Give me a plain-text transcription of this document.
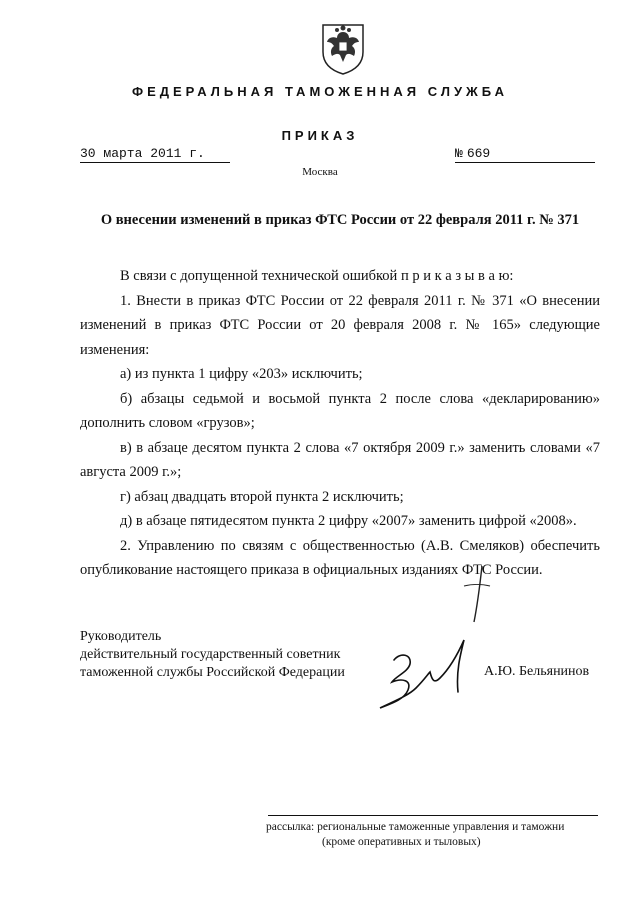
ФЕДЕРАЛЬНАЯ ТАМОЖЕННАЯ СЛУЖБА
ПРИКАЗ
30 марта 2011 г.	№ 669
Москва
О внесении изменений в приказ ФТС России от 22 февраля 2011 г. № 371

В связи с допущенной технической ошибкой п р и к а з ы в а ю:

1. Внести в приказ ФТС России от 22 февраля 2011 г. № 371 «О внесении изменений в приказ ФТС России от 20 февраля 2008 г. № 165» следующие изменения:

а) из пункта 1 цифру «203» исключить;

б) абзацы седьмой и восьмой пункта 2 после слова «декларированию» дополнить словом «грузов»;

в) в абзаце десятом пункта 2 слова «7 октября 2009 г.» заменить словами «7 августа 2009 г.»;

г) абзац двадцать второй пункта 2 исключить;

д) в абзаце пятидесятом пункта 2 цифру «2007» заменить цифрой «2008».

2. Управлению по связям с общественностью (А.В. Смеляков) обеспечить опубликование настоящего приказа в официальных изданиях ФТС России.

Руководитель
действительный государственный советник
таможенной службы Российской Федерации	А.Ю. Бельянинов
рассылка: региональные таможенные управления и таможни
(кроме оперативных и тыловых)
